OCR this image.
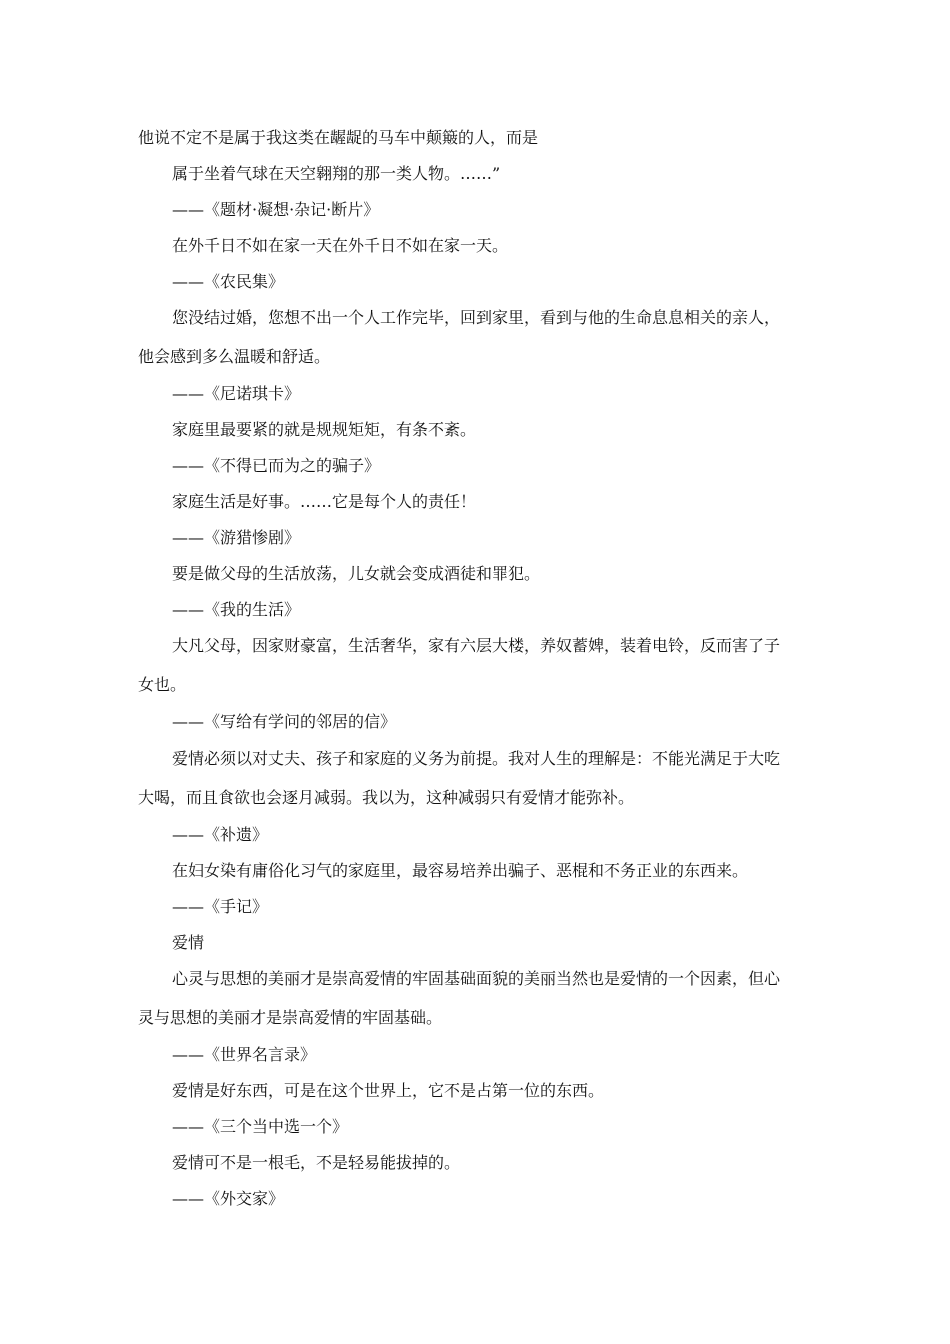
他说不定不是属于我这类在龌龊的马车中颠簸的人，而是
属于坐着气球在天空翱翔的那一类人物。……”
——《题材·凝想·杂记·断片》
在外千日不如在家一天在外千日不如在家一天。
——《农民集》
您没结过婚，您想不出一个人工作完毕，回到家里，看到与他的生命息息相关的亲人，
他会感到多么温暖和舒适。
——《尼诺琪卡》
家庭里最要紧的就是规规矩矩，有条不紊。
——《不得已而为之的骗子》
家庭生活是好事。……它是每个人的责任！
——《游猎惨剧》
要是做父母的生活放荡，儿女就会变成酒徒和罪犯。
——《我的生活》
大凡父母，因家财豪富，生活奢华，家有六层大楼，养奴蓄婢，装着电铃，反而害了子
女也。
——《写给有学问的邻居的信》
爱情必须以对丈夫、孩子和家庭的义务为前提。我对人生的理解是：不能光满足于大吃
大喝，而且食欲也会逐月减弱。我以为，这种减弱只有爱情才能弥补。
——《补遗》
在妇女染有庸俗化习气的家庭里，最容易培养出骗子、恶棍和不务正业的东西来。
——《手记》
爱情
心灵与思想的美丽才是崇高爱情的牢固基础面貌的美丽当然也是爱情的一个因素，但心
灵与思想的美丽才是崇高爱情的牢固基础。
——《世界名言录》
爱情是好东西，可是在这个世界上，它不是占第一位的东西。
——《三个当中选一个》
爱情可不是一根毛，不是轻易能拔掉的。
——《外交家》
